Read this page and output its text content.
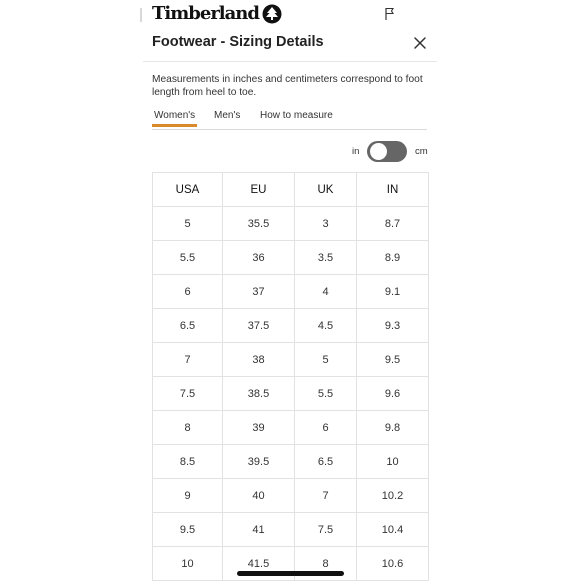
Timberland
Footwear - Sizing Details
Measurements in inches and centimeters correspond to foot length from heel to toe.
Women's Men's How to measure
in	cm
USA	EU	UK	IN
5	35.5	3	8.7
5.5	36	3.5	8.9
6	37	4	9.1
6.5	37.5	4.5	9.3
7	38	5	9.5
7.5	38.5	5.5	9.6
8	39	6	9.8
8.5	39.5	6.5	10
9	40	7	10.2
9.5	41	7.5	10.4
10	41.5	8	10.6
